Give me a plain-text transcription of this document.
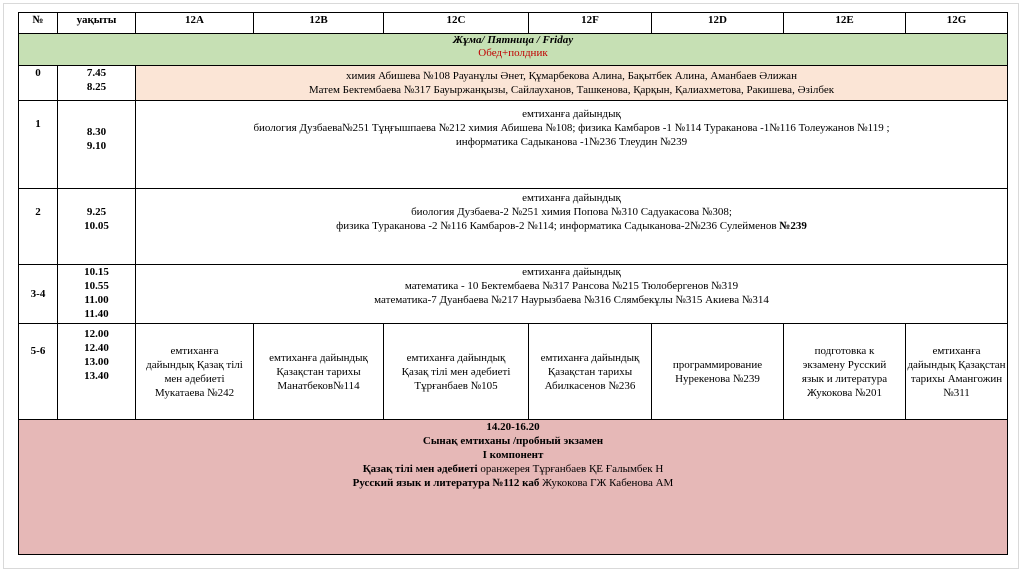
№	уақыты	12A	12B	12C	12F	12D	12E	12G

Жұма/ Пятница / Friday
Обед+полдник								

0	7.45
8.25	химия Абишева №108 Рауанұлы Әнет, Құмарбекова Алина, Бақытбек Алина, Аманбаев Әлижан
Матем Бектембаева №317 Бауыржанқызы, Сайлауханов, Ташкенова, Қарқын, Қалиахметова, Ракишева, Әзілбек						

1	8.30
9.10	емтиханға дайындық
биология Дузбаева№251 Тұңғышпаева №212 химия Абишева №108; физика Камбаров -1 №114 Тураканова -1№116 Толеужанов №119 ;
информатика Садыканова -1№236 Тлеудин №239						

2	9.25
10.05	емтиханға дайындық
биология Дузбаева-2 №251 химия Попова №310 Садуакасова №308;
физика Тураканова -2 №116 Камбаров-2 №114; информатика Садыканова-2№236 Сулейменов №239						

3-4	10.15
10.55
11.00
11.40	емтиханға дайындық
математика - 10 Бектембаева №317 Рансова №215 Тюлобергенов №319
математика-7 Дуанбаева №217 Наурызбаева №316 Слямбекұлы №315 Акиева №314						

5-6	12.00
12.40
13.00
13.40	емтиханға
дайындық Қазақ тілі
мен әдебиеті
Мукатаева №242	емтиханға дайындық
Қазақстан тарихы
Манатбеков№114	емтиханға дайындық
Қазақ тілі мен әдебиеті
Тұрғанбаев №105	емтиханға дайындық
Қазақстан тарихы
Абилкасенов №236	программирование
Нурекенова №239	подготовка к
экзамену Русский
язык и литература
Жукокова №201	емтиханға
дайындық Қазақстан
тарихы Амангожин
№311

14.20-16.20
Сынақ емтиханы /пробный экзамен
I компонент
Қазақ тілі мен әдебиеті оранжерея Тұрғанбаев ҚЕ Ғалымбек Н
Русский язык и литература №112 каб Жукокова ГЖ Кабенова АМ								
